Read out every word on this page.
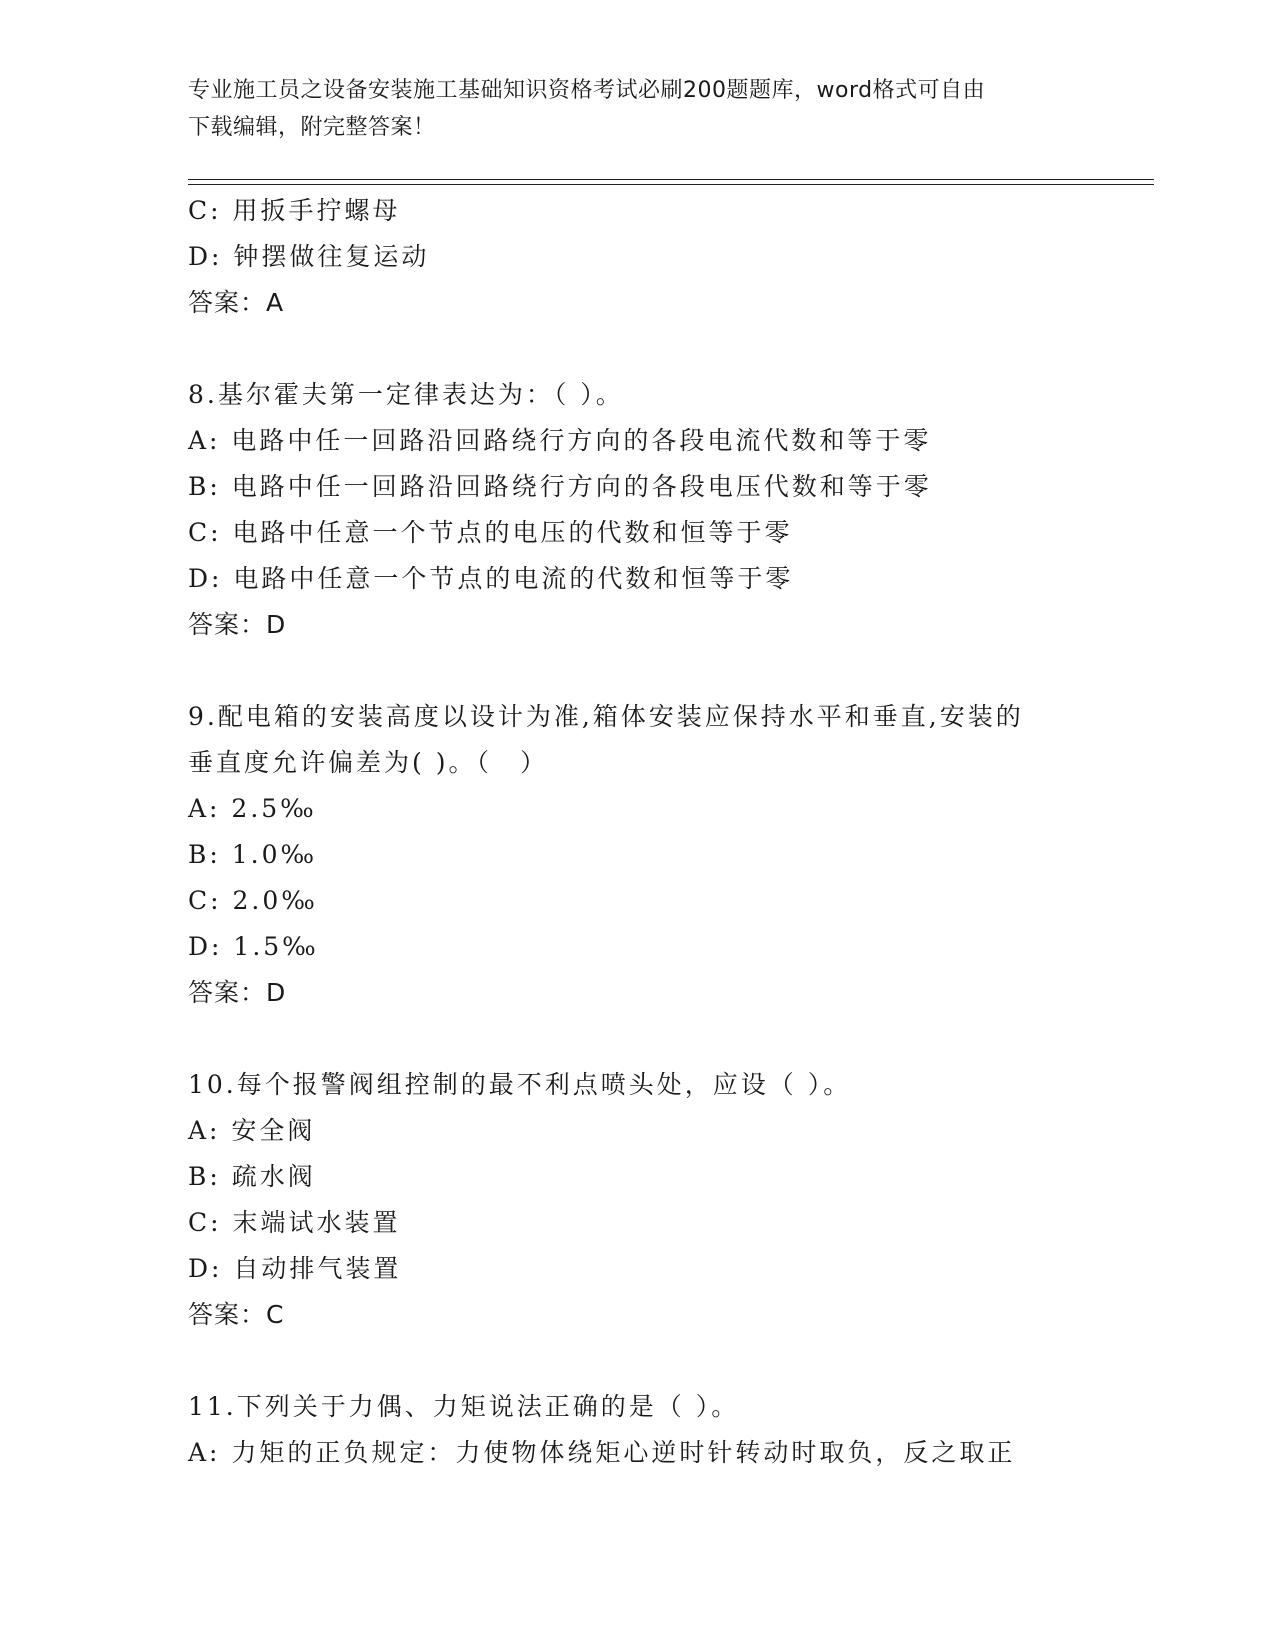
专业施工员之设备安装施工基础知识资格考试必刷200题题库，word格式可自由
下载编辑，附完整答案！
C: 用扳手拧螺母
D: 钟摆做往复运动
答案：A
8.基尔霍夫第一定律表达为：（ ）。
A: 电路中任一回路沿回路绕行方向的各段电流代数和等于零
B: 电路中任一回路沿回路绕行方向的各段电压代数和等于零
C: 电路中任意一个节点的电压的代数和恒等于零
D: 电路中任意一个节点的电流的代数和恒等于零
答案：D
9.配电箱的安装高度以设计为准,箱体安装应保持水平和垂直,安装的
垂直度允许偏差为( )。（　）
A: 2.5‰
B: 1.0‰
C: 2.0‰
D: 1.5‰
答案：D
10.每个报警阀组控制的最不利点喷头处，应设（ ）。
A: 安全阀
B: 疏水阀
C: 末端试水装置
D: 自动排气装置
答案：C
11.下列关于力偶、力矩说法正确的是（ ）。
A: 力矩的正负规定：力使物体绕矩心逆时针转动时取负，反之取正
